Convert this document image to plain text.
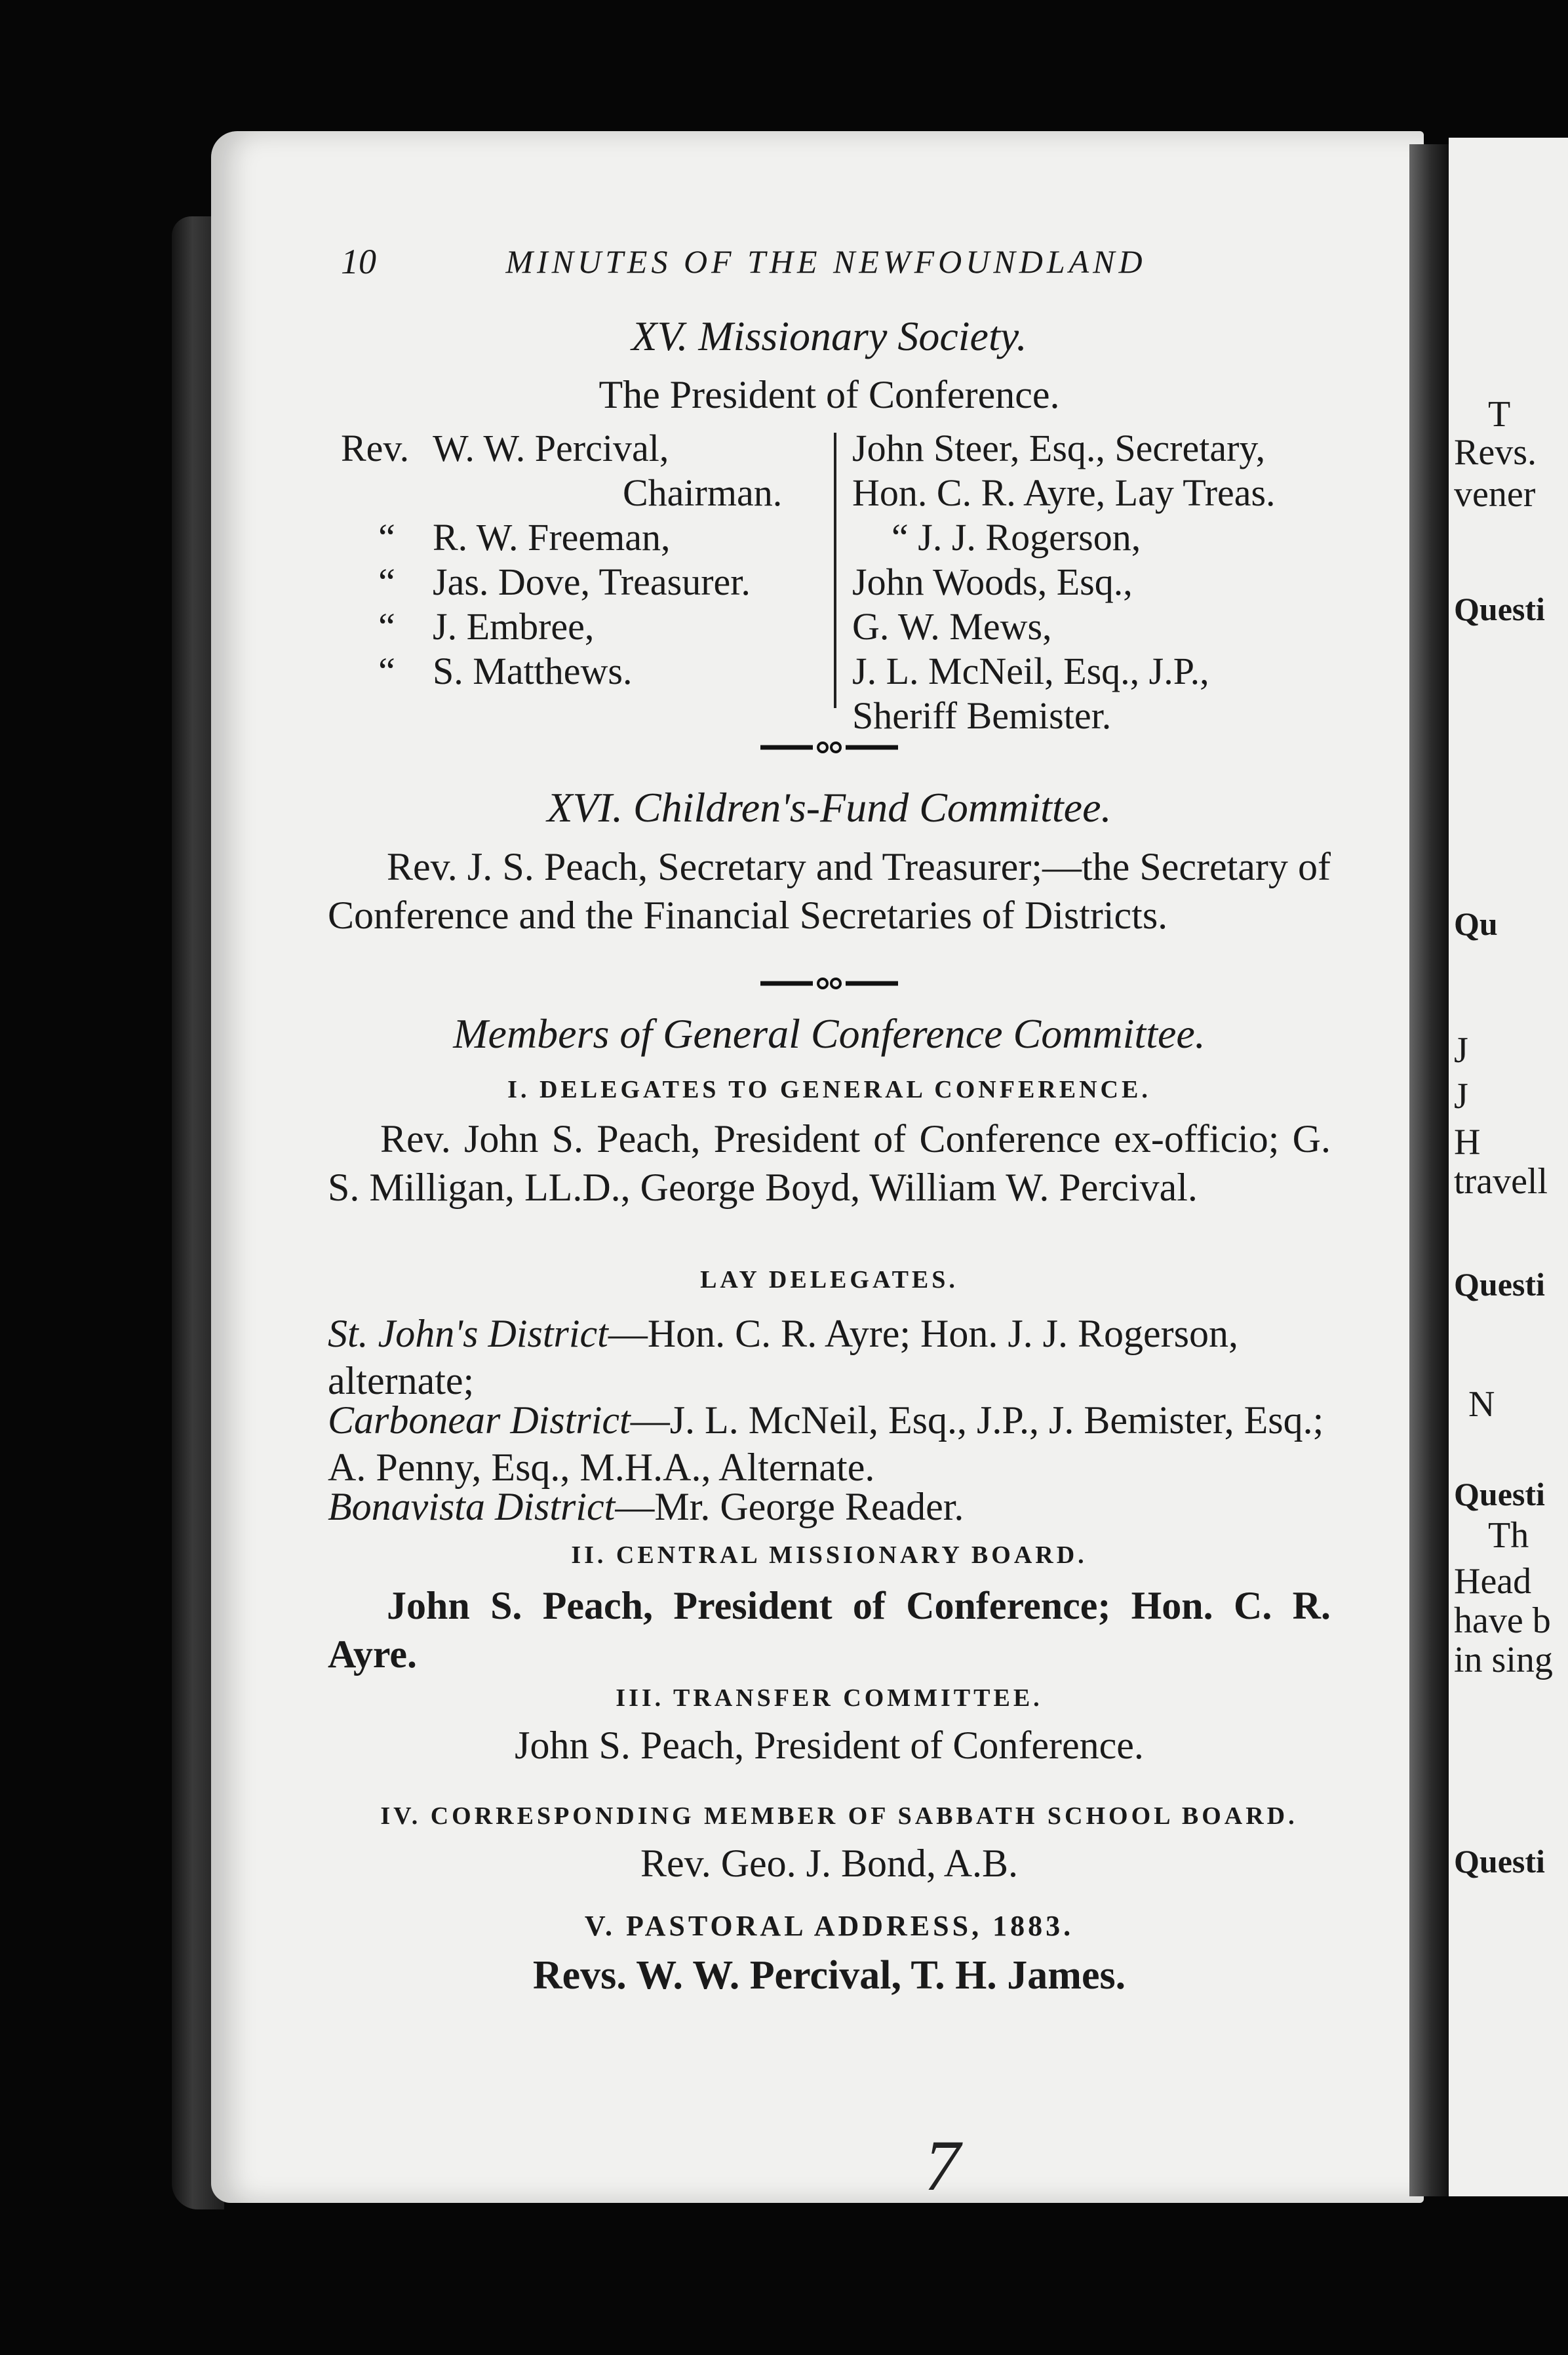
T
Revs.
vener
Questi
Qu
J
J
H
travell
Questi
N
Questi
Th
Head
have b
in sing
Questi
10	MINUTES OF THE NEWFOUNDLAND
XV. Missionary Society.
The President of Conference.
Rev. W. W. Percival,
Chairman.
“ R. W. Freeman,
“ Jas. Dove, Treasurer.
“ J. Embree,
“ S. Matthews.
John Steer, Esq., Secretary,
Hon. C. R. Ayre, Lay Treas.
“ J. J. Rogerson,
John Woods, Esq.,
G. W. Mews,
J. L. McNeil, Esq., J.P.,
Sheriff Bemister.
XVI. Children's-Fund Committee.
Rev. J. S. Peach, Secretary and Treasurer;—the Secretary of Conference and the Financial Secretaries of Districts.
Members of General Conference Committee.
I. DELEGATES TO GENERAL CONFERENCE.
Rev. John S. Peach, President of Conference ex-officio; G. S. Milligan, LL.D., George Boyd, William W. Percival.
LAY DELEGATES.
St. John's District—Hon. C. R. Ayre; Hon. J. J. Rogerson, alternate;
Carbonear District—J. L. McNeil, Esq., J.P., J. Bemister, Esq.; A. Penny, Esq., M.H.A., Alternate.
Bonavista District—Mr. George Reader.
II. CENTRAL MISSIONARY BOARD.
John S. Peach, President of Conference; Hon. C. R. Ayre.
III. TRANSFER COMMITTEE.
John S. Peach, President of Conference.
IV. CORRESPONDING MEMBER OF SABBATH SCHOOL BOARD.
Rev. Geo. J. Bond, A.B.
V. PASTORAL ADDRESS, 1883.
Revs. W. W. Percival, T. H. James.
7
